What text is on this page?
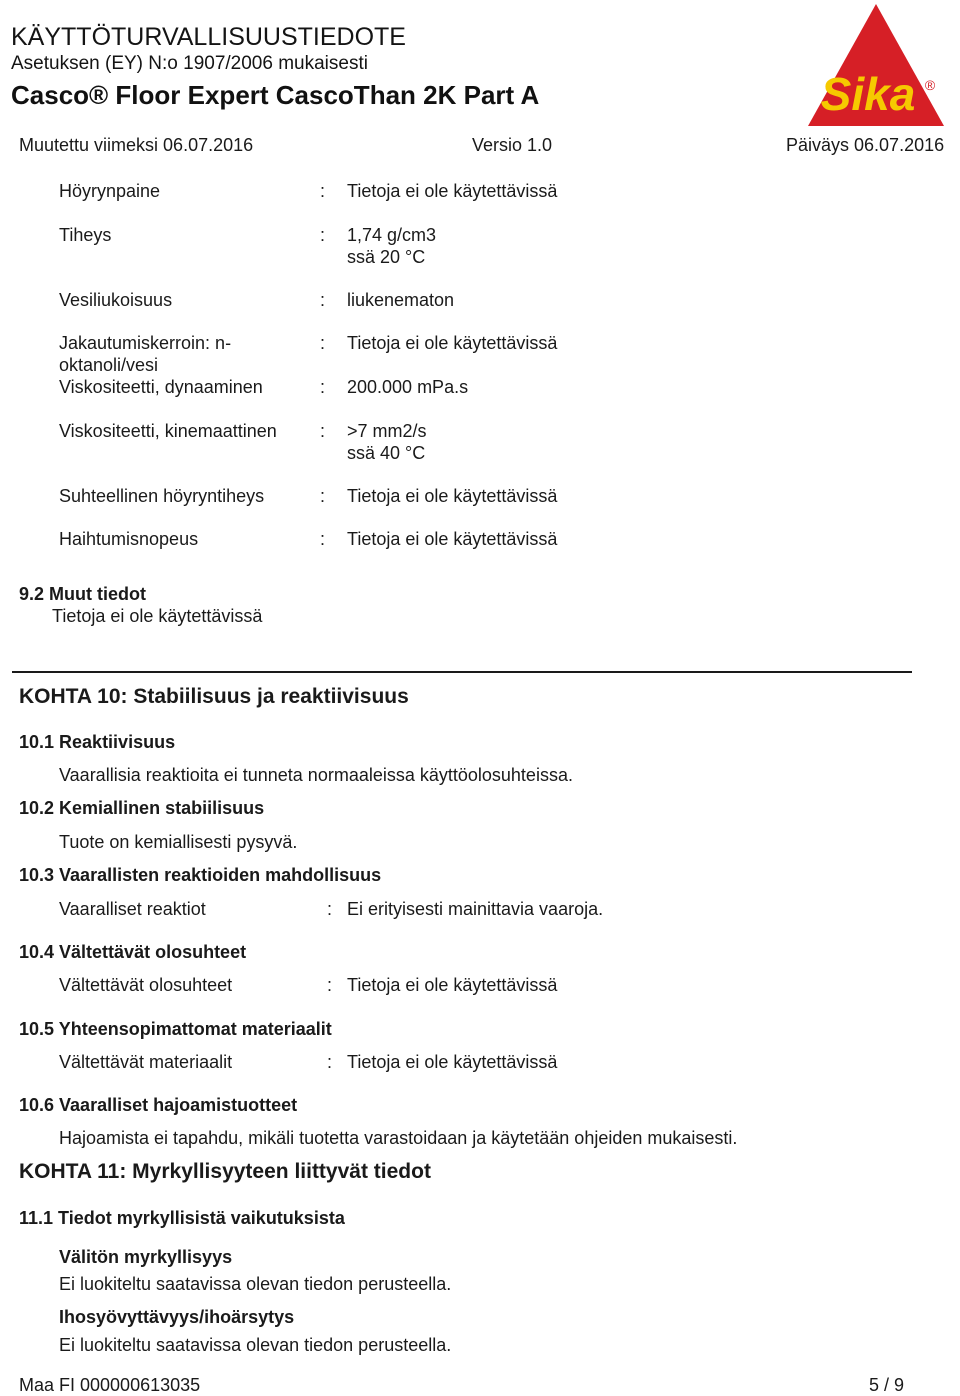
KÄYTTÖTURVALLISUUSTIEDOTE
Asetuksen (EY) N:o 1907/2006 mukaisesti
Casco® Floor Expert CascoThan 2K Part A	Sika ®
Muutettu viimeksi 06.07.2016	Versio 1.0	Päiväys 06.07.2016
Höyrynpaine	: Tietoja ei ole käytettävissä
Tiheys	: 1,74 g/cm3
ssä 20 °C
Vesiliukoisuus	: liukenematon
Jakautumiskerroin: n-
oktanoli/vesi
: Tietoja ei ole käytettävissä
Viskositeetti, dynaaminen	: 200.000 mPa.s
Viskositeetti, kinemaattinen : >7 mm2/s
ssä 40 °C
Suhteellinen höyryntiheys	: Tietoja ei ole käytettävissä
Haihtumisnopeus	: Tietoja ei ole käytettävissä
9.2 Muut tiedot
Tietoja ei ole käytettävissä
KOHTA 10: Stabiilisuus ja reaktiivisuus
10.1 Reaktiivisuus
Vaarallisia reaktioita ei tunneta normaaleissa käyttöolosuhteissa.
10.2 Kemiallinen stabiilisuus
Tuote on kemiallisesti pysyvä.
10.3 Vaarallisten reaktioiden mahdollisuus
Vaaralliset reaktiot	: Ei erityisesti mainittavia vaaroja.
10.4 Vältettävät olosuhteet
Vältettävät olosuhteet	: Tietoja ei ole käytettävissä
10.5 Yhteensopimattomat materiaalit
Vältettävät materiaalit	: Tietoja ei ole käytettävissä
10.6 Vaaralliset hajoamistuotteet
Hajoamista ei tapahdu, mikäli tuotetta varastoidaan ja käytetään ohjeiden mukaisesti.
KOHTA 11: Myrkyllisyyteen liittyvät tiedot
11.1 Tiedot myrkyllisistä vaikutuksista
Välitön myrkyllisyys
Ei luokiteltu saatavissa olevan tiedon perusteella.
Ihosyövyttävyys/ihoärsytys
Ei luokiteltu saatavissa olevan tiedon perusteella.
Maa FI 000000613035	5 / 9
